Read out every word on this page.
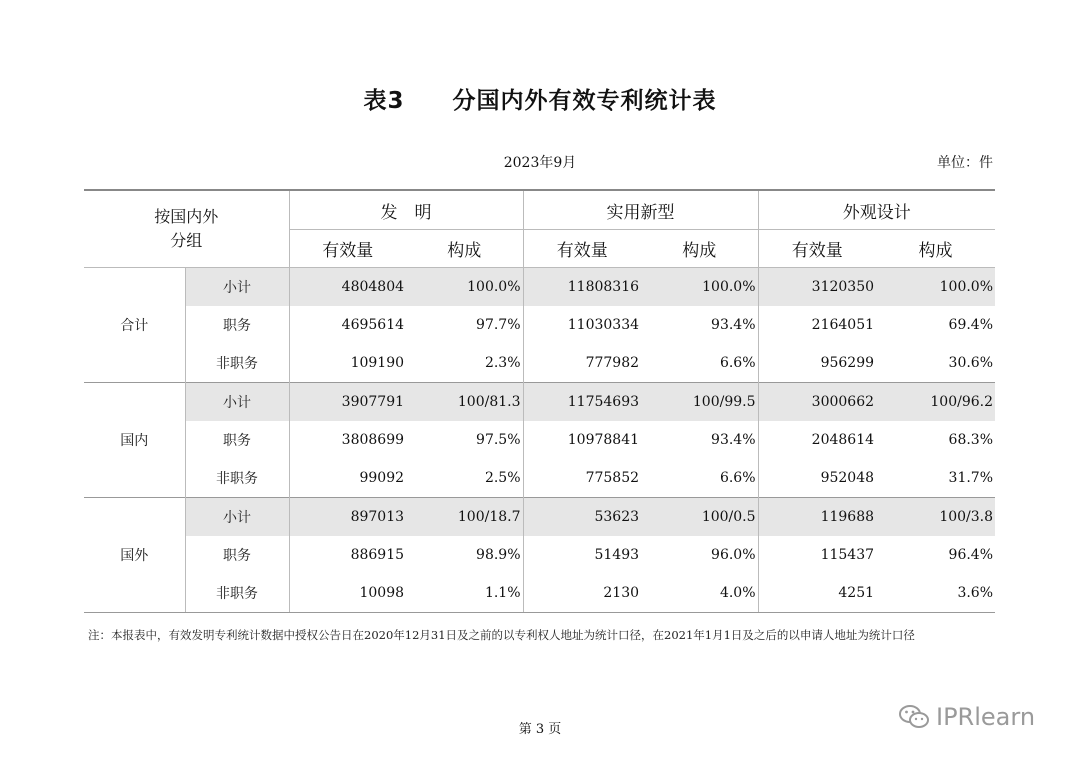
表3　　分国内外有效专利统计表
2023年9月	单位：件
按国内外
分组		发　明		实用新型		外观设计	
		有效量	构成	有效量	构成	有效量	构成
合计	小计	4804804	100.0%	11808316	100.0%	3120350	100.0%
	职务	4695614	97.7%	11030334	93.4%	2164051	69.4%
	非职务	109190	2.3%	777982	6.6%	956299	30.6%
国内	小计	3907791	100/81.3	11754693	100/99.5	3000662	100/96.2
	职务	3808699	97.5%	10978841	93.4%	2048614	68.3%
	非职务	99092	2.5%	775852	6.6%	952048	31.7%
国外	小计	897013	100/18.7	53623	100/0.5	119688	100/3.8
	职务	886915	98.9%	51493	96.0%	115437	96.4%
	非职务	10098	1.1%	2130	4.0%	4251	3.6%
注：本报表中，有效发明专利统计数据中授权公告日在2020年12月31日及之前的以专利权人地址为统计口径，在2021年1月1日及之后的以申请人地址为统计口径
第 3 页	IPRlearn
